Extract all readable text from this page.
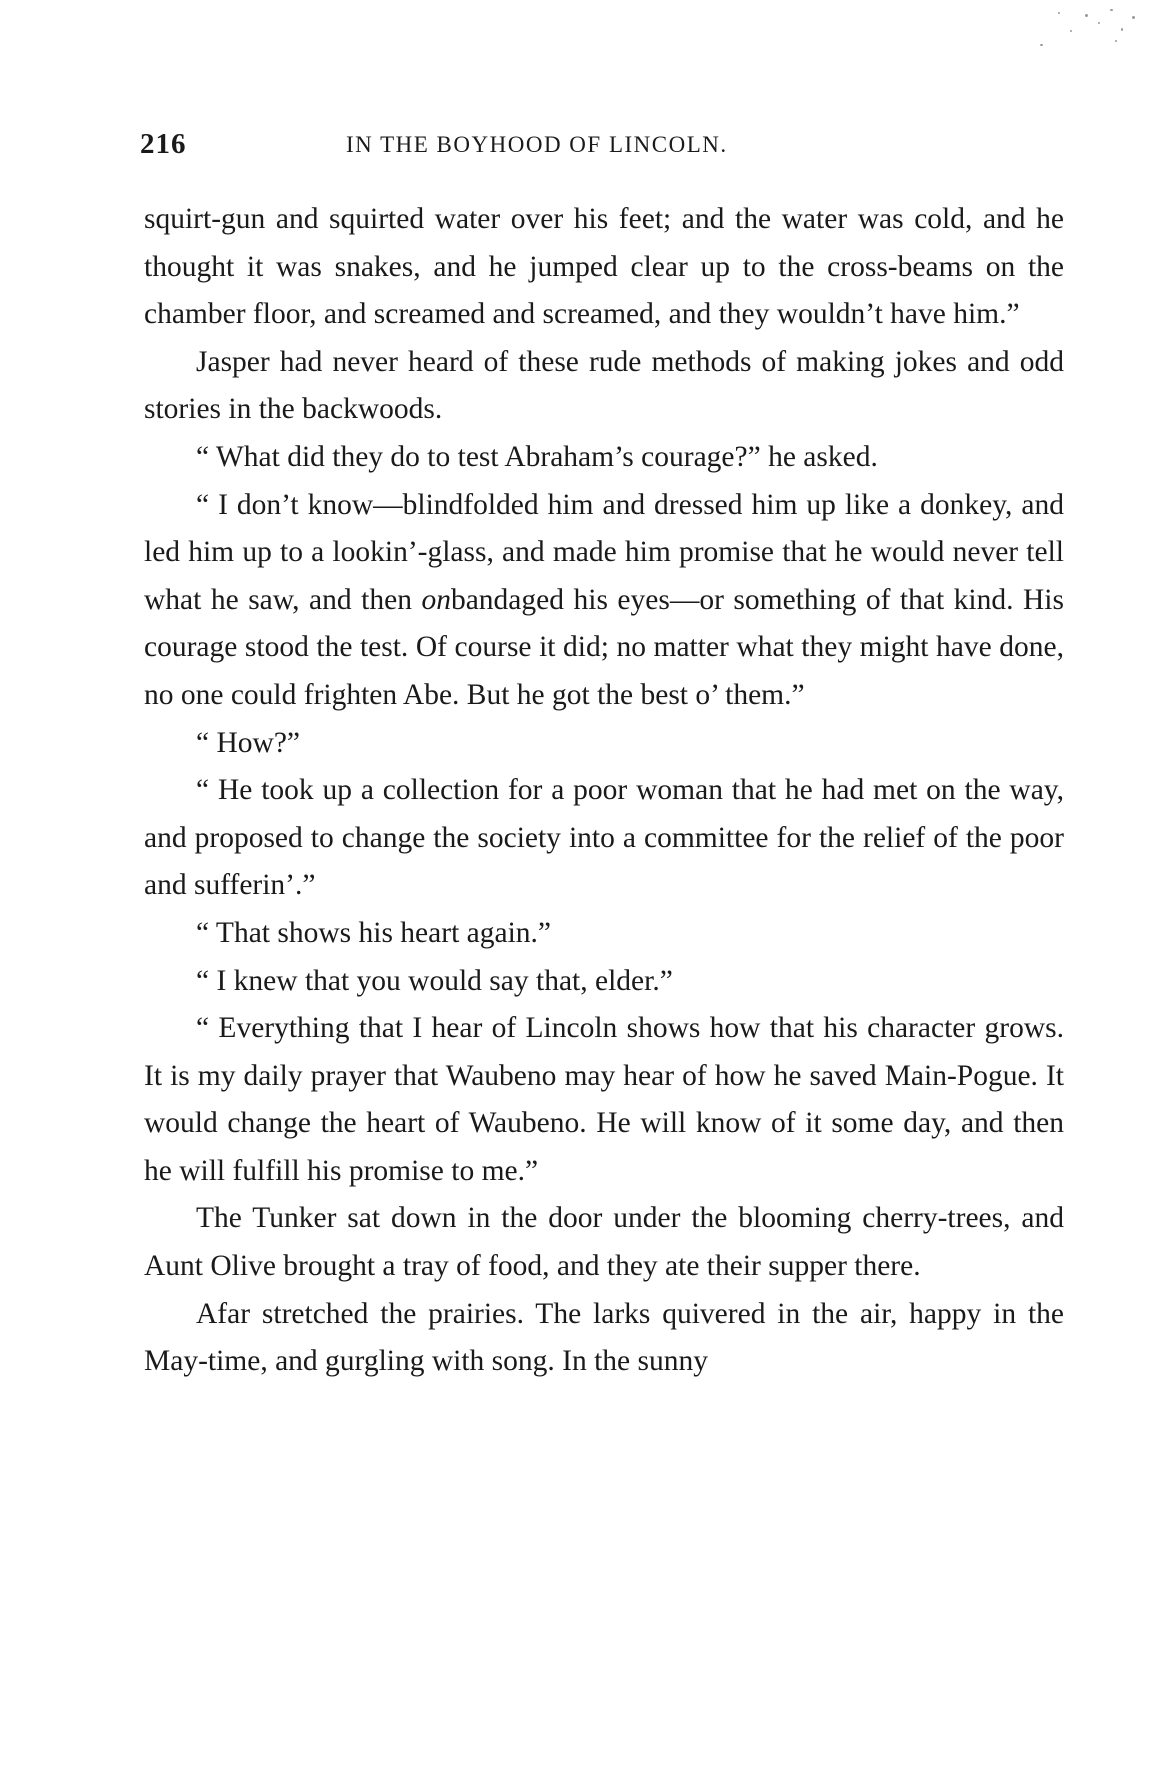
216	IN THE BOYHOOD OF LINCOLN.

squirt-gun and squirted water over his feet; and the water was cold, and he thought it was snakes, and he jumped clear up to the cross-beams on the chamber floor, and screamed and screamed, and they wouldn’t have him.”

Jasper had never heard of these rude methods of making jokes and odd stories in the backwoods.

“ What did they do to test Abraham’s courage?” he asked.

“ I don’t know—blindfolded him and dressed him up like a donkey, and led him up to a lookin’-glass, and made him promise that he would never tell what he saw, and then onbandaged his eyes—or something of that kind. His courage stood the test. Of course it did; no matter what they might have done, no one could frighten Abe. But he got the best o’ them.”

“ How?”

“ He took up a collection for a poor woman that he had met on the way, and proposed to change the society into a committee for the relief of the poor and sufferin’.”

“ That shows his heart again.”

“ I knew that you would say that, elder.”

“ Everything that I hear of Lincoln shows how that his character grows. It is my daily prayer that Waubeno may hear of how he saved Main-Pogue. It would change the heart of Waubeno. He will know of it some day, and then he will fulfill his promise to me.”

The Tunker sat down in the door under the blooming cherry-trees, and Aunt Olive brought a tray of food, and they ate their supper there.

Afar stretched the prairies. The larks quivered in the air, happy in the May-time, and gurgling with song. In the sunny
